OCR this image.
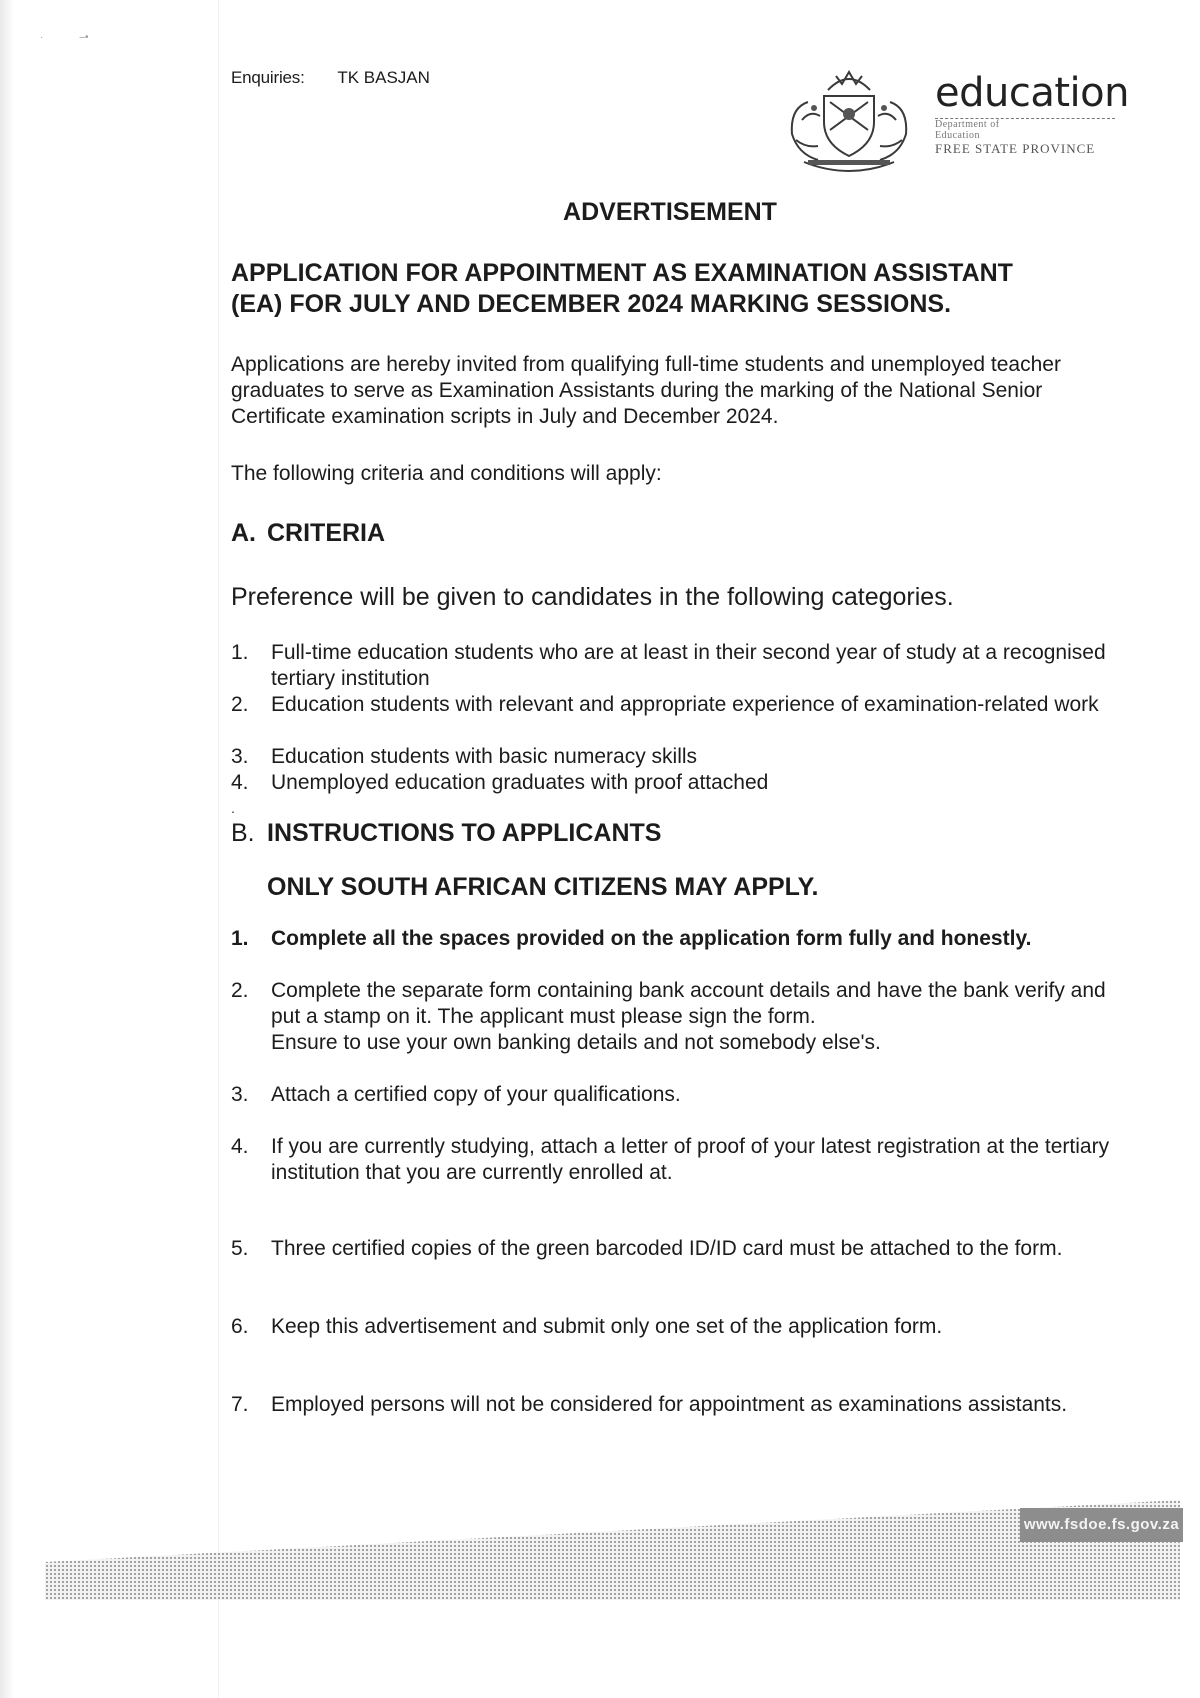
·             –•
Enquiries: TK BASJAN	education
Department of
Education
FREE STATE PROVINCE
ADVERTISEMENT
APPLICATION FOR APPOINTMENT AS EXAMINATION ASSISTANT
(EA) FOR JULY AND DECEMBER 2024 MARKING SESSIONS.
Applications are hereby invited from qualifying full-time students and unemployed teacher graduates to serve as Examination Assistants during the marking of the National Senior Certificate examination scripts in July and December 2024.
The following criteria and conditions will apply:
A. CRITERIA
Preference will be given to candidates in the following categories.
1. Full-time education students who are at least in their second year of study at a recognised tertiary institution
2. Education students with relevant and appropriate experience of examination-related work
3. Education students with basic numeracy skills
4. Unemployed education graduates with proof attached
.
B. INSTRUCTIONS TO APPLICANTS
ONLY SOUTH AFRICAN CITIZENS MAY APPLY.
1. Complete all the spaces provided on the application form fully and honestly.
2. Complete the separate form containing bank account details and have the bank verify and put a stamp on it. The applicant must please sign the form.
Ensure to use your own banking details and not somebody else's.
3. Attach a certified copy of your qualifications.
4. If you are currently studying, attach a letter of proof of your latest registration at the tertiary institution that you are currently enrolled at.
5. Three certified copies of the green barcoded ID/ID card must be attached to the form.
6. Keep this advertisement and submit only one set of the application form.
7. Employed persons will not be considered for appointment as examinations assistants.
www.fsdoe.fs.gov.za
